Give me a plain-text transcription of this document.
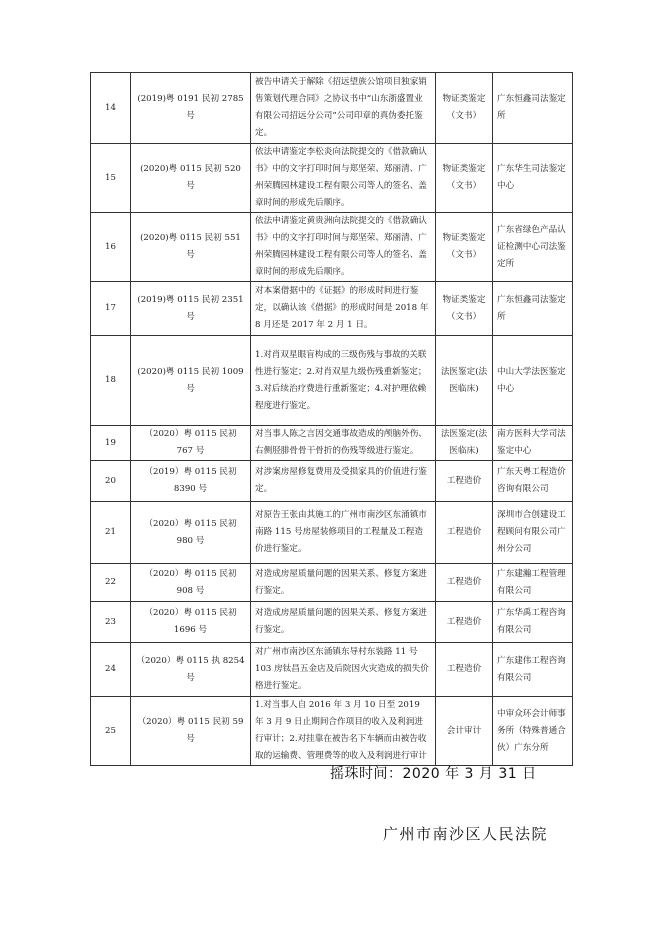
14	(2019)粤 0191 民初 2785 号	被告申请关于解除《招远望族公馆项目独家销售策划代理合同》之协议书中“山东浙盛置业有限公司招远分公司”公司印章的真伪委托鉴定。	物证类鉴定（文书）	广东恒鑫司法鉴定所
15	(2020)粤 0115 民初 520 号	依法申请鉴定李松炎向法院提交的《借款确认书》中的文字打印时间与郑坚荣、郑丽清、广州荣腾园林建设工程有限公司等人的签名、盖章时间的形成先后顺序。	物证类鉴定（文书）	广东华生司法鉴定中心
16	(2020)粤 0115 民初 551 号	依法申请鉴定黄贵洲向法院提交的《借款确认书》中的文字打印时间与郑坚荣、郑丽清、广州荣腾园林建设工程有限公司等人的签名、盖章时间的形成先后顺序。	物证类鉴定（文书）	广东省绿色产品认证检测中心司法鉴定所
17	(2019)粤 0115 民初 2351 号	对本案借据中的《证据》的形成时间进行鉴定，以确认该《借据》的形成时间是 2018 年 8 月还是 2017 年 2 月 1 日。	物证类鉴定（文书）	广东恒鑫司法鉴定所
18	(2020)粤 0115 民初 1009 号	1.对肖双星眼盲构成的三级伤残与事故的关联性进行鉴定；2.对肖双星九级伤残重新鉴定；3.对后续治疗费进行重新鉴定；4.对护理依赖程度进行鉴定。	法医鉴定(法医临床)	中山大学法医鉴定中心
19	（2020）粤 0115 民初 767 号	对当事人陈之言因交通事故造成的颅脑外伤、右侧胫腓骨骨干骨折的伤残等级进行鉴定。	法医鉴定(法医临床)	南方医科大学司法鉴定中心
20	（2019）粤 0115 民初 8390 号	对涉案房屋修复费用及受损家具的价值进行鉴定。	工程造价	广东天粤工程造价咨询有限公司
21	（2020）粤 0115 民初 980 号	对原告王张由其施工的广州市南沙区东涌镇市南路 115 号房屋装修项目的工程量及工程造价进行鉴定。	工程造价	深圳市合创建设工程顾问有限公司广州分公司
22	（2020）粤 0115 民初 908 号	对造成房屋质量问题的因果关系、修复方案进行鉴定。	工程造价	广东建瀚工程管理有限公司
23	（2020）粤 0115 民初 1696 号	对造成房屋质量问题的因果关系、修复方案进行鉴定。	工程造价	广东华禹工程咨询有限公司
24	（2020）粤 0115 执 8254 号	对广州市南沙区东涌镇东导村东装路 11 号 103 房钛昌五金店及后院因火灾造成的损失价格进行鉴定。	工程造价	广东建伟工程咨询有限公司
25	（2020）粤 0115 民初 59 号	1.对当事人自 2016 年 3 月 10 日至 2019 年 3 月 9 日止期间合作项目的收入及利润进行审计；2.对挂靠在被告名下车辆而由被告收取的运输费、管理费等的收入及利润进行审计	会计审计	中审众环会计师事务所（特殊普通合伙）广东分所
摇珠时间：2020 年 3 月 31 日
广州市南沙区人民法院
